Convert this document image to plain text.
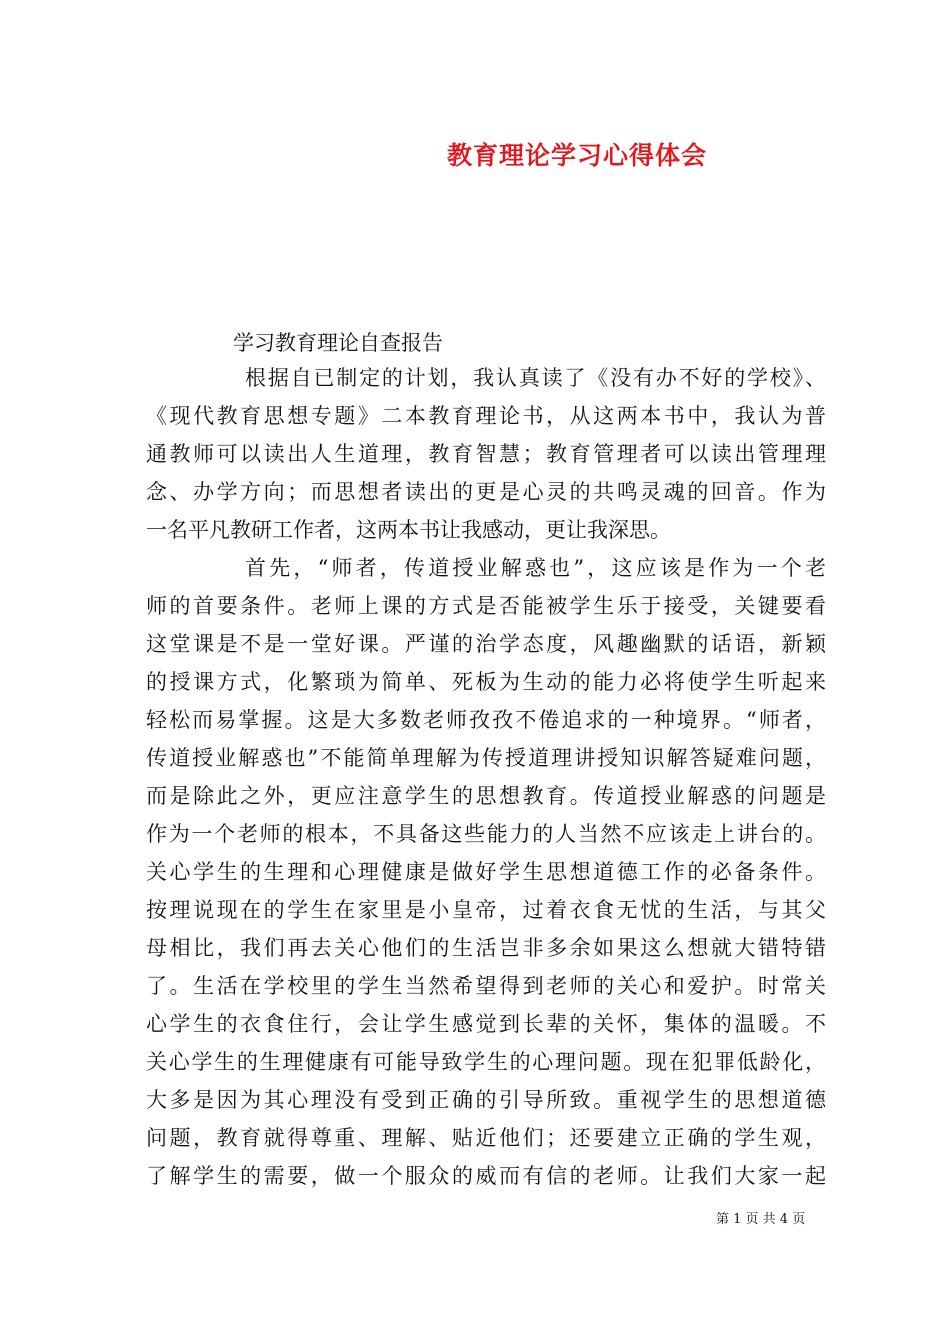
教育理论学习心得体会
学习教育理论自查报告
根据自已制定的计划，我认真读了《没有办不好的学校》、
《现代教育思想专题》二本教育理论书，从这两本书中，我认为普
通教师可以读出人生道理，教育智慧；教育管理者可以读出管理理
念、办学方向；而思想者读出的更是心灵的共鸣灵魂的回音。作为
一名平凡教研工作者，这两本书让我感动，更让我深思。
首先，“师者，传道授业解惑也”，这应该是作为一个老
师的首要条件。老师上课的方式是否能被学生乐于接受，关键要看
这堂课是不是一堂好课。严谨的治学态度，风趣幽默的话语，新颖
的授课方式，化繁琐为简单、死板为生动的能力必将使学生听起来
轻松而易掌握。这是大多数老师孜孜不倦追求的一种境界。“师者，
传道授业解惑也”不能简单理解为传授道理讲授知识解答疑难问题，
而是除此之外，更应注意学生的思想教育。传道授业解惑的问题是
作为一个老师的根本，不具备这些能力的人当然不应该走上讲台的。
关心学生的生理和心理健康是做好学生思想道德工作的必备条件。
按理说现在的学生在家里是小皇帝，过着衣食无忧的生活，与其父
母相比，我们再去关心他们的生活岂非多余如果这么想就大错特错
了。生活在学校里的学生当然希望得到老师的关心和爱护。时常关
心学生的衣食住行，会让学生感觉到长辈的关怀，集体的温暖。不
关心学生的生理健康有可能导致学生的心理问题。现在犯罪低龄化，
大多是因为其心理没有受到正确的引导所致。重视学生的思想道德
问题，教育就得尊重、理解、贴近他们；还要建立正确的学生观，
了解学生的需要，做一个服众的威而有信的老师。让我们大家一起
第 1 页 共 4 页
